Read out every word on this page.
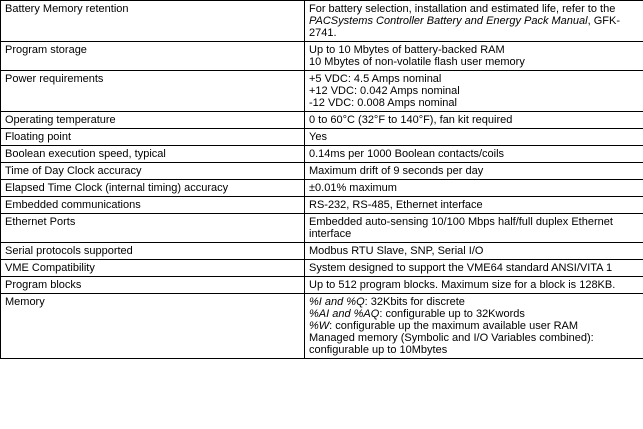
Battery Memory retention	For battery selection, installation and estimated life, refer to the PACSystems Controller Battery and Energy Pack Manual, GFK-2741.

Program storage	Up to 10 Mbytes of battery-backed RAM
10 Mbytes of non-volatile flash user memory

Power requirements	+5 VDC: 4.5 Amps nominal
+12 VDC: 0.042 Amps nominal
-12 VDC: 0.008 Amps nominal

Operating temperature	0 to 60°C (32°F to 140°F), fan kit required

Floating point	Yes

Boolean execution speed, typical	0.14ms per 1000 Boolean contacts/coils

Time of Day Clock accuracy	Maximum drift of 9 seconds per day

Elapsed Time Clock (internal timing) accuracy	±0.01% maximum

Embedded communications	RS-232, RS-485, Ethernet interface

Ethernet Ports	Embedded auto-sensing 10/100 Mbps half/full duplex Ethernet interface

Serial protocols supported	Modbus RTU Slave, SNP, Serial I/O

VME Compatibility	System designed to support the VME64 standard ANSI/VITA 1

Program blocks	Up to 512 program blocks. Maximum size for a block is 128KB.

Memory	%I and %Q: 32Kbits for discrete
%AI and %AQ: configurable up to 32Kwords
%W: configurable up the maximum available user RAM
Managed memory (Symbolic and I/O Variables combined): configurable up to 10Mbytes
